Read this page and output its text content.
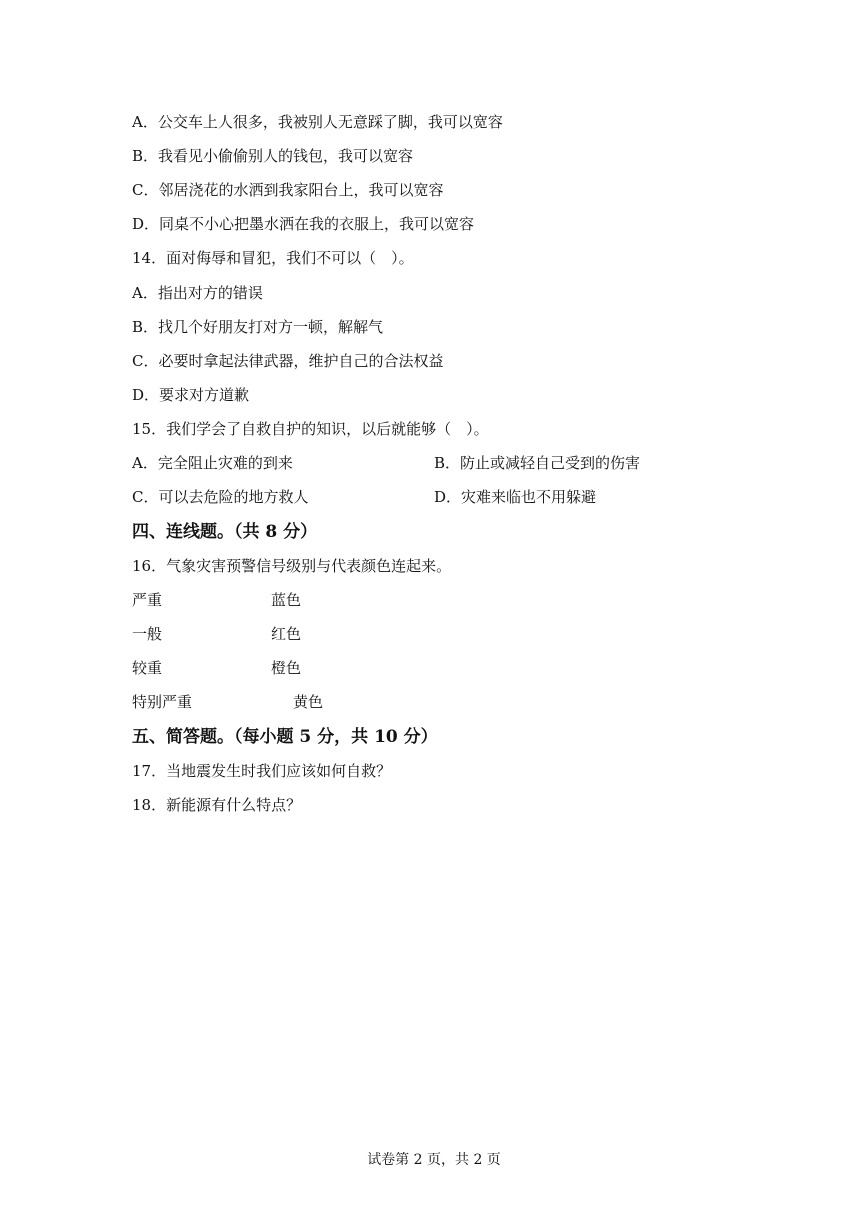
A．公交车上人很多，我被别人无意踩了脚，我可以宽容
B．我看见小偷偷别人的钱包，我可以宽容
C．邻居浇花的水洒到我家阳台上，我可以宽容
D．同桌不小心把墨水洒在我的衣服上，我可以宽容
14．面对侮辱和冒犯，我们不可以（　）。
A．指出对方的错误
B．找几个好朋友打对方一顿，解解气
C．必要时拿起法律武器，维护自己的合法权益
D．要求对方道歉
15．我们学会了自救自护的知识，以后就能够（　）。
A．完全阻止灾难的到来	B．防止或减轻自己受到的伤害
C．可以去危险的地方救人	D．灾难来临也不用躲避
四、连线题。（共 8 分）
16．气象灾害预警信号级别与代表颜色连起来。
严重	蓝色
一般	红色
较重	橙色
特别严重	黄色
五、简答题。（每小题 5 分，共 10 分）
17．当地震发生时我们应该如何自救？
18．新能源有什么特点？
试卷第 2 页，共 2 页
